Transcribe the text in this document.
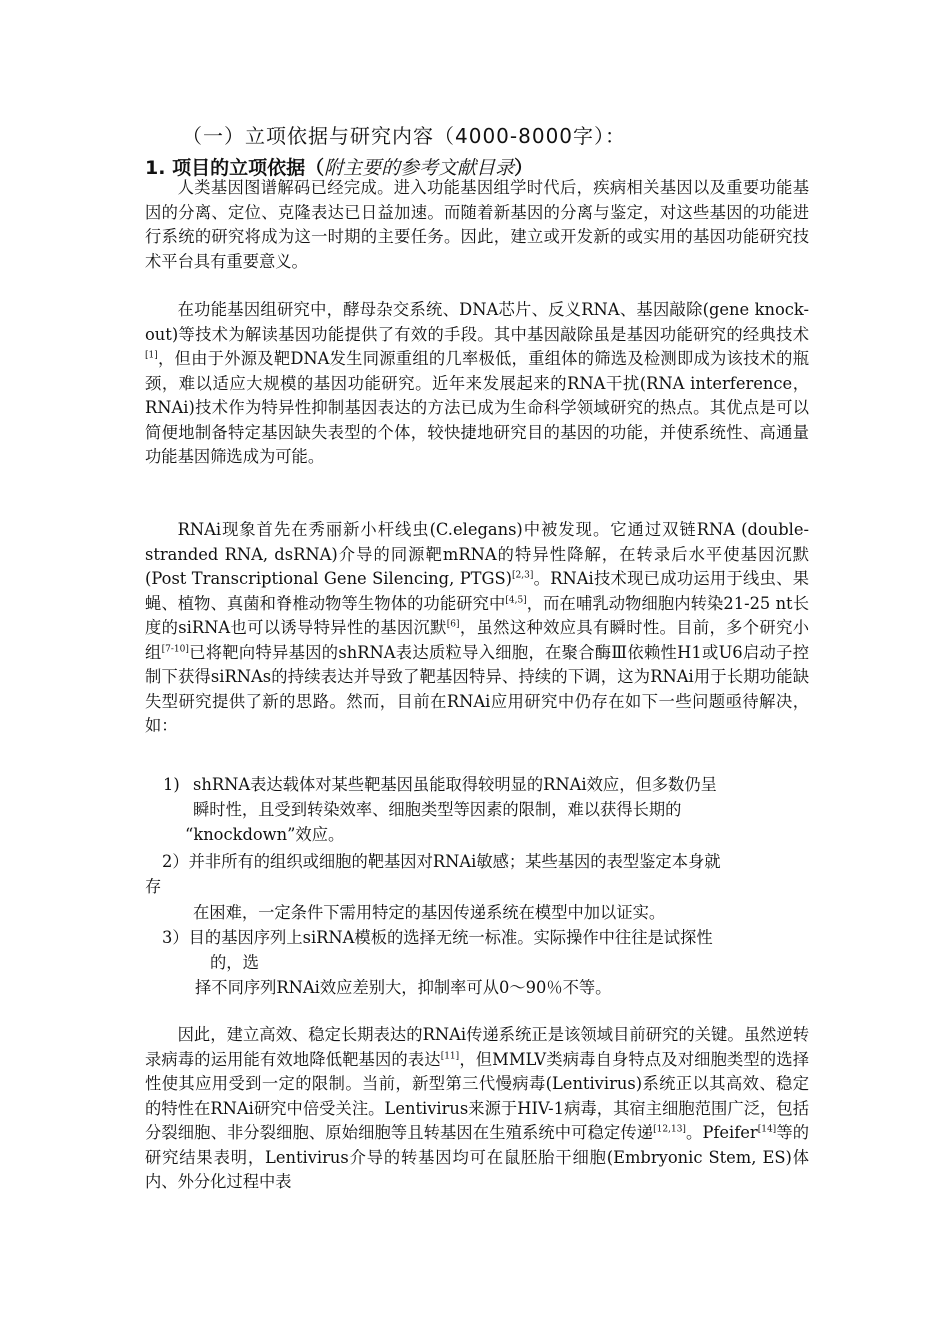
（一）立项依据与研究内容（4000-8000字）：
1. 项目的立项依据（附主要的参考文献目录）

人类基因图谱解码已经完成。进入功能基因组学时代后，疾病相关基因以及重要功能基因的分离、定位、克隆表达已日益加速。而随着新基因的分离与鉴定，对这些基因的功能进行系统的研究将成为这一时期的主要任务。因此，建立或开发新的或实用的基因功能研究技术平台具有重要意义。

在功能基因组研究中，酵母杂交系统、DNA芯片、反义RNA、基因敲除(gene knock-out)等技术为解读基因功能提供了有效的手段。其中基因敲除虽是基因功能研究的经典技术[1]，但由于外源及靶DNA发生同源重组的几率极低，重组体的筛选及检测即成为该技术的瓶颈，难以适应大规模的基因功能研究。近年来发展起来的RNA干扰(RNA interference，RNAi)技术作为特异性抑制基因表达的方法已成为生命科学领域研究的热点。其优点是可以简便地制备特定基因缺失表型的个体，较快捷地研究目的基因的功能，并使系统性、高通量功能基因筛选成为可能。

RNAi现象首先在秀丽新小杆线虫(C.elegans)中被发现。它通过双链RNA (double-stranded RNA, dsRNA)介导的同源靶mRNA的特异性降解，在转录后水平使基因沉默(Post Transcriptional Gene Silencing, PTGS)[2,3]。RNAi技术现已成功运用于线虫、果蝇、植物、真菌和脊椎动物等生物体的功能研究中[4,5]，而在哺乳动物细胞内转染21-25 nt长度的siRNA也可以诱导特异性的基因沉默[6]，虽然这种效应具有瞬时性。目前，多个研究小组[7-10]已将靶向特异基因的shRNA表达质粒导入细胞，在聚合酶Ⅲ依赖性H1或U6启动子控制下获得siRNAs的持续表达并导致了靶基因特异、持续的下调，这为RNAi用于长期功能缺失型研究提供了新的思路。然而，目前在RNAi应用研究中仍存在如下一些问题亟待解决，如：

1) shRNA表达载体对某些靶基因虽能取得较明显的RNAi效应，但多数仍呈
瞬时性，且受到转染效率、细胞类型等因素的限制，难以获得长期的
“knockdown”效应。
2）并非所有的组织或细胞的靶基因对RNAi敏感；某些基因的表型鉴定本身就
存
在困难，一定条件下需用特定的基因传递系统在模型中加以证实。
3）目的基因序列上siRNA模板的选择无统一标准。实际操作中往往是试探性
的，选
择不同序列RNAi效应差别大，抑制率可从0～90％不等。

因此，建立高效、稳定长期表达的RNAi传递系统正是该领域目前研究的关键。虽然逆转录病毒的运用能有效地降低靶基因的表达[11]，但MMLV类病毒自身特点及对细胞类型的选择性使其应用受到一定的限制。当前，新型第三代慢病毒(Lentivirus)系统正以其高效、稳定的特性在RNAi研究中倍受关注。Lentivirus来源于HIV-1病毒，其宿主细胞范围广泛，包括分裂细胞、非分裂细胞、原始细胞等且转基因在生殖系统中可稳定传递[12,13]。Pfeifer[14]等的研究结果表明，Lentivirus介导的转基因均可在鼠胚胎干细胞(Embryonic Stem, ES)体内、外分化过程中表
